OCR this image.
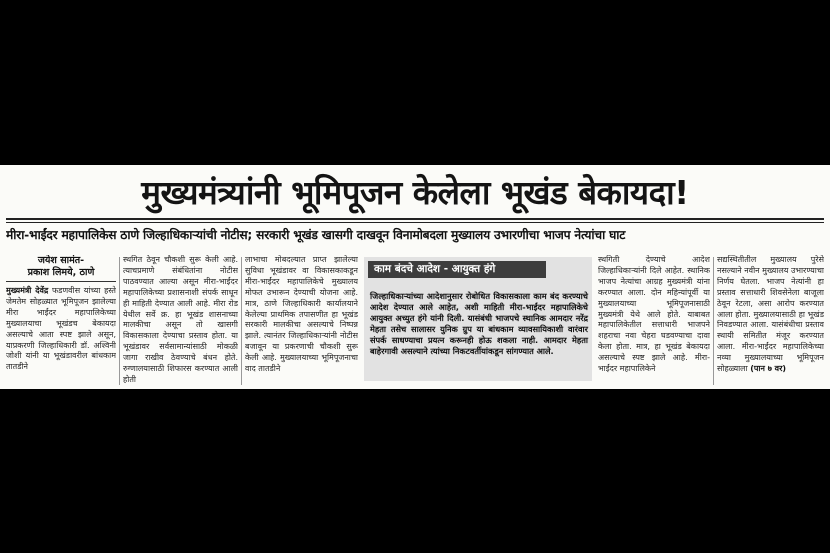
मुख्यमंत्र्यांनी भूमिपूजन केलेला भूखंड बेकायदा!
मीरा-भाईंदर महापालिकेस ठाणे जिल्हाधिकाऱ्यांची नोटीस; सरकारी भूखंड खासगी दाखवून विनामोबदला मुख्यालय उभारणीचा भाजप नेत्यांचा घाट
जयेश सामंत-
प्रकाश लिमये, ठाणे
मुख्यमंत्री देवेंद्र फडणवीस यांच्या हस्ते जेमतेम सोहळ्यात भूमिपूजन झालेल्या मीरा भाईंदर महापालिकेच्या मुख्यालयाचा भूखंडच बेकायदा असल्याचे आता स्पष्ट झाले असून, याप्रकरणी जिल्हाधिकारी डॉ. अश्विनी जोशी यांनी या भूखंडावरील बांधकाम तातडीने
स्थगित ठेवून चौकशी सुरू केली आहे. त्याचप्रमाणे संबंधितांना नोटीस पाठवण्यात आल्या असून मीरा-भाईंदर महापालिकेच्या प्रशासनाशी संपर्क साधून ही माहिती देण्यात आली आहे. मीरा रोड येथील सर्वे क्र. हा भूखंड शासनाच्या मालकीचा असून तो खासगी विकासकाला देण्याचा प्रस्ताव होता. या भूखंडावर सर्वसामान्यांसाठी मोकळी जागा राखीव ठेवण्याचे बंधन होते. रुग्णालयासाठी शिफारस करण्यात आली होती
लाभाचा मोबदल्यात प्राप्त झालेल्या सुविधा भूखंडावर वा विकासकाकडून मीरा-भाईंदर महापालिकेचे मुख्यालय मोफत उभारून देण्याची योजना आहे. मात्र, ठाणे जिल्हाधिकारी कार्यालयाने केलेल्या प्राथमिक तपासणीत हा भूखंड सरकारी मालकीचा असल्याचे निष्पन्न झाले. त्यानंतर जिल्हाधिकाऱ्यांनी नोटीस बजावून या प्रकरणाची चौकशी सुरू केली आहे. मुख्यालयाच्या भूमिपूजनाचा वाद तातडीने
काम बंदचे आदेश - आयुक्त हंगे
जिल्हाधिकाऱ्यांच्या आदेशानुसार रोबोधित विकासकाला काम बंद करण्याचे आदेश देण्यात आले आहेत, अशी माहिती मीरा-भाईंदर महापालिकेचे आयुक्त अच्युत हंगे यांनी दिली. यासंबंधी भाजपचे स्थानिक आमदार नरेंद्र मेहता तसेच सालासर युनिक ग्रुप या बांधकाम व्यावसायिकाशी वारंवार संपर्क साधण्याचा प्रयत्न करूनही होऊ शकला नाही. आमदार मेहता बाहेरगावी असल्याने त्यांच्या निकटवर्तीयांकडून सांगण्यात आले.
स्थगिती देण्याचे आदेश जिल्हाधिकाऱ्यांनी दिले आहेत. स्थानिक भाजप नेत्यांचा आग्रह मुख्यमंत्री यांना करण्यात आला. दोन महिन्यांपूर्वी या मुख्यालयाच्या भूमिपूजनासाठी मुख्यमंत्री येथे आले होते. याबाबत महापालिकेतील सत्ताधारी भाजपने शहराचा नवा चेहरा घडवण्याचा दावा केला होता. मात्र, हा भूखंड बेकायदा असल्याचे स्पष्ट झाले आहे. मीरा-भाईंदर महापालिकेने
सद्यस्थितीतील मुख्यालय पुरेसे नसल्याने नवीन मुख्यालय उभारण्याचा निर्णय घेतला. भाजप नेत्यांनी हा प्रस्ताव सत्ताधारी शिवसेनेला बाजूला ठेवून रेटला, असा आरोप करण्यात आला होता. मुख्यालयासाठी हा भूखंड निवडण्यात आला. यासंबंधीचा प्रस्ताव स्थायी समितीत मंजूर करण्यात आला. मीरा-भाईंदर महापालिकेच्या नव्या मुख्यालयाच्या भूमिपूजन सोहळ्याला (पान ७ वर)
